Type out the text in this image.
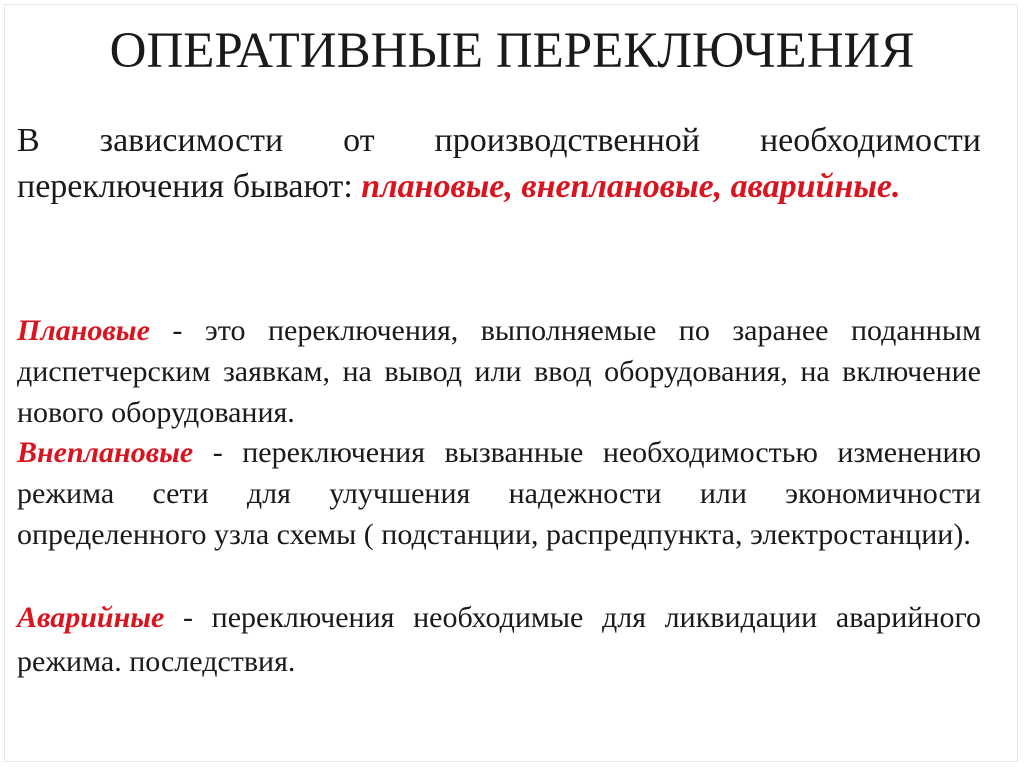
ОПЕРАТИВНЫЕ ПЕРЕКЛЮЧЕНИЯ
В зависимости от производственной необходимости переключения бывают: плановые, внеплановые, аварийные.
Плановые - это переключения, выполняемые по заранее поданным диспетчерским заявкам, на вывод или ввод оборудования, на включение нового оборудования.
Внеплановые - переключения вызванные необходимостью изменению режима сети для улучшения надежности или экономичности определенного узла схемы ( подстанции, распредпункта, электростанции).
Аварийные - переключения необходимые для ликвидации аварийного режима. последствия.
